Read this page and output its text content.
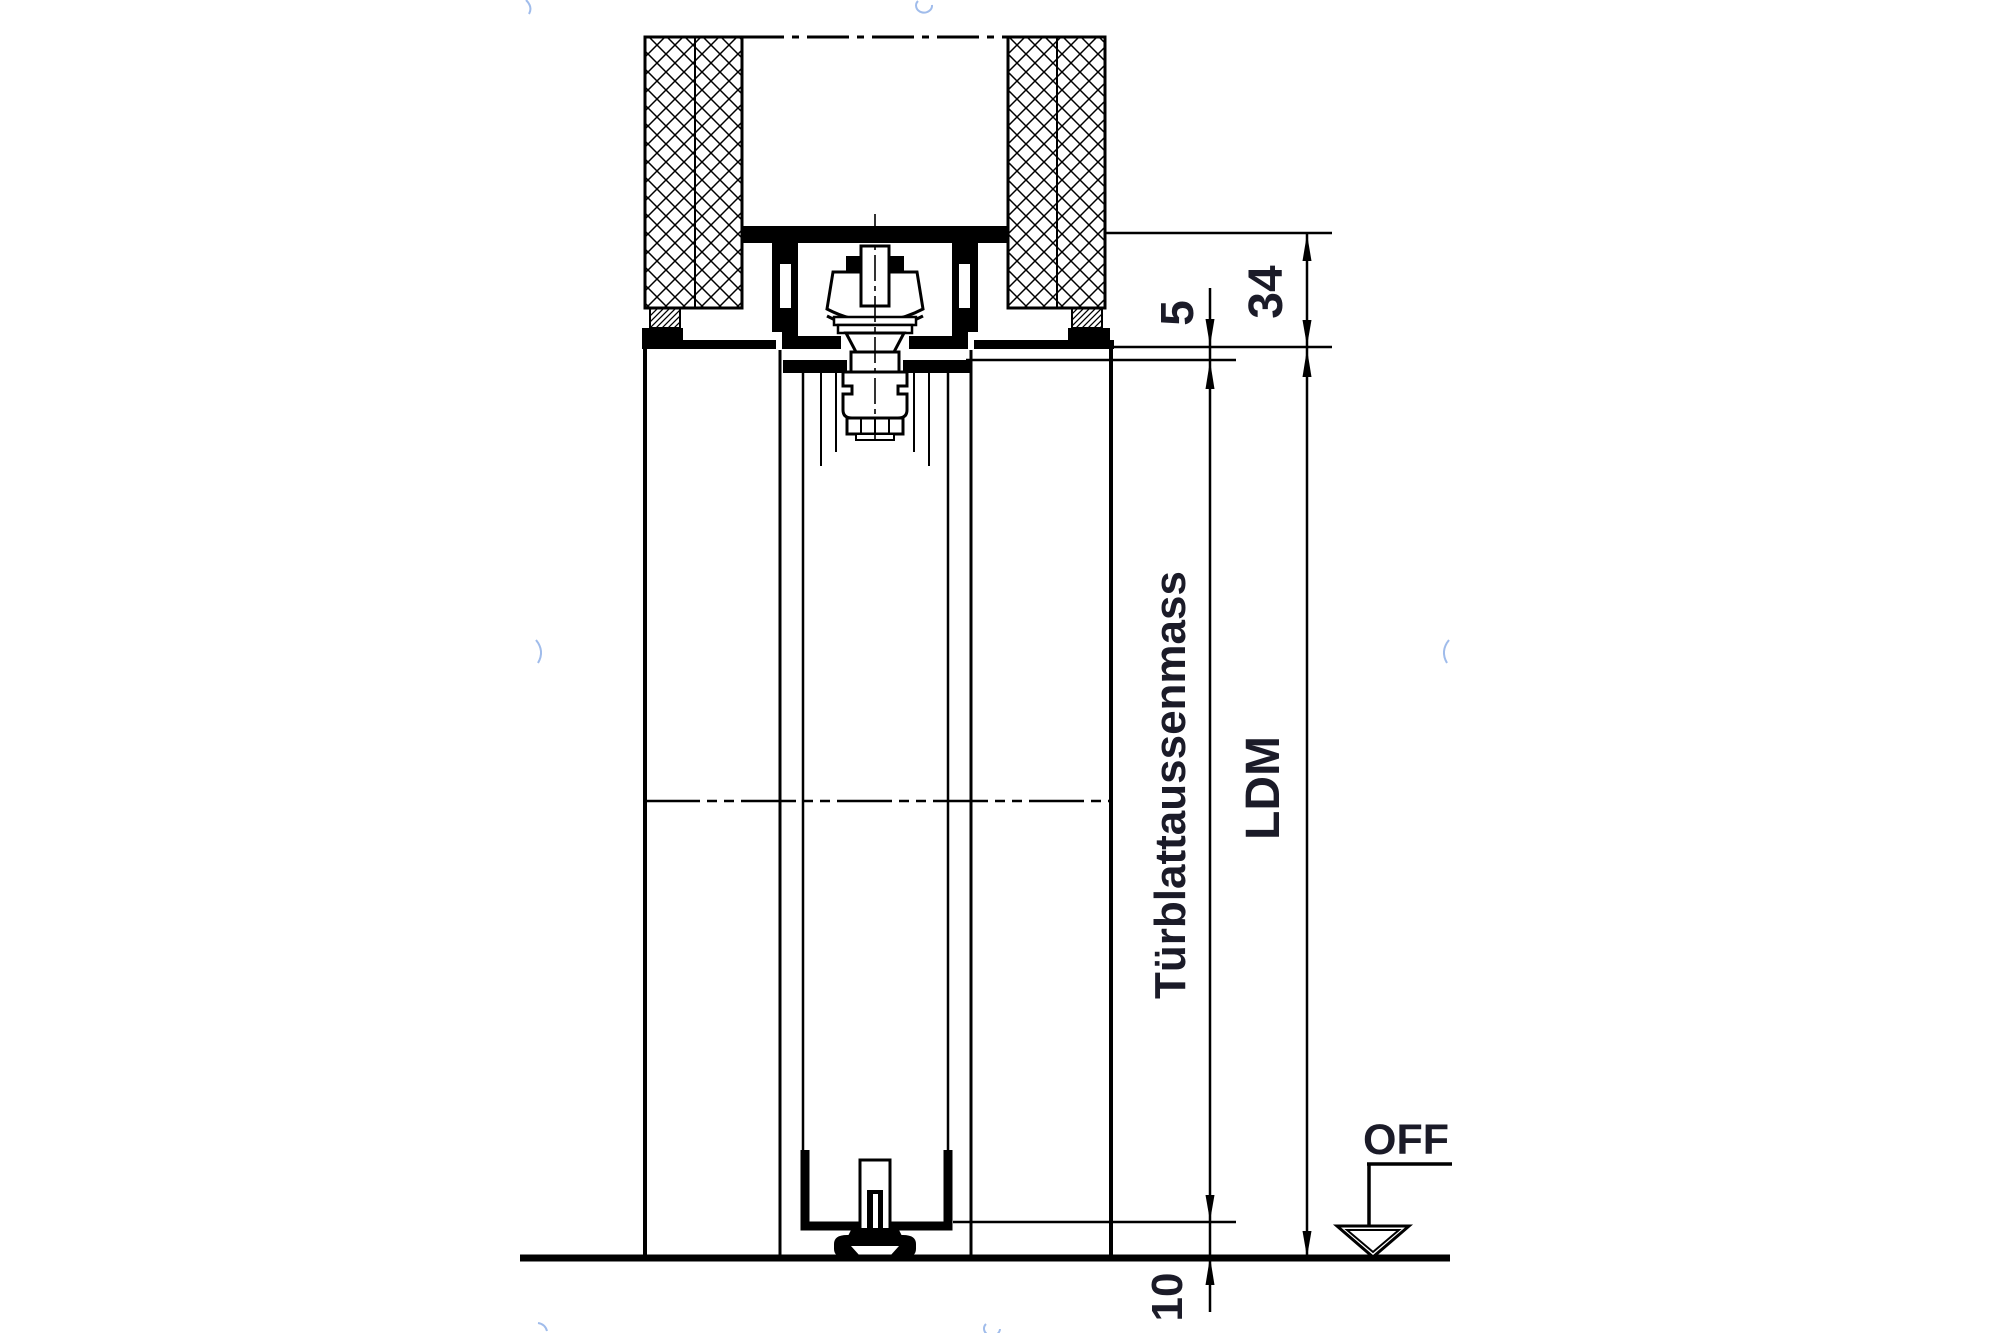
5 34
Türblattaussenmass LDM
10
OFF
